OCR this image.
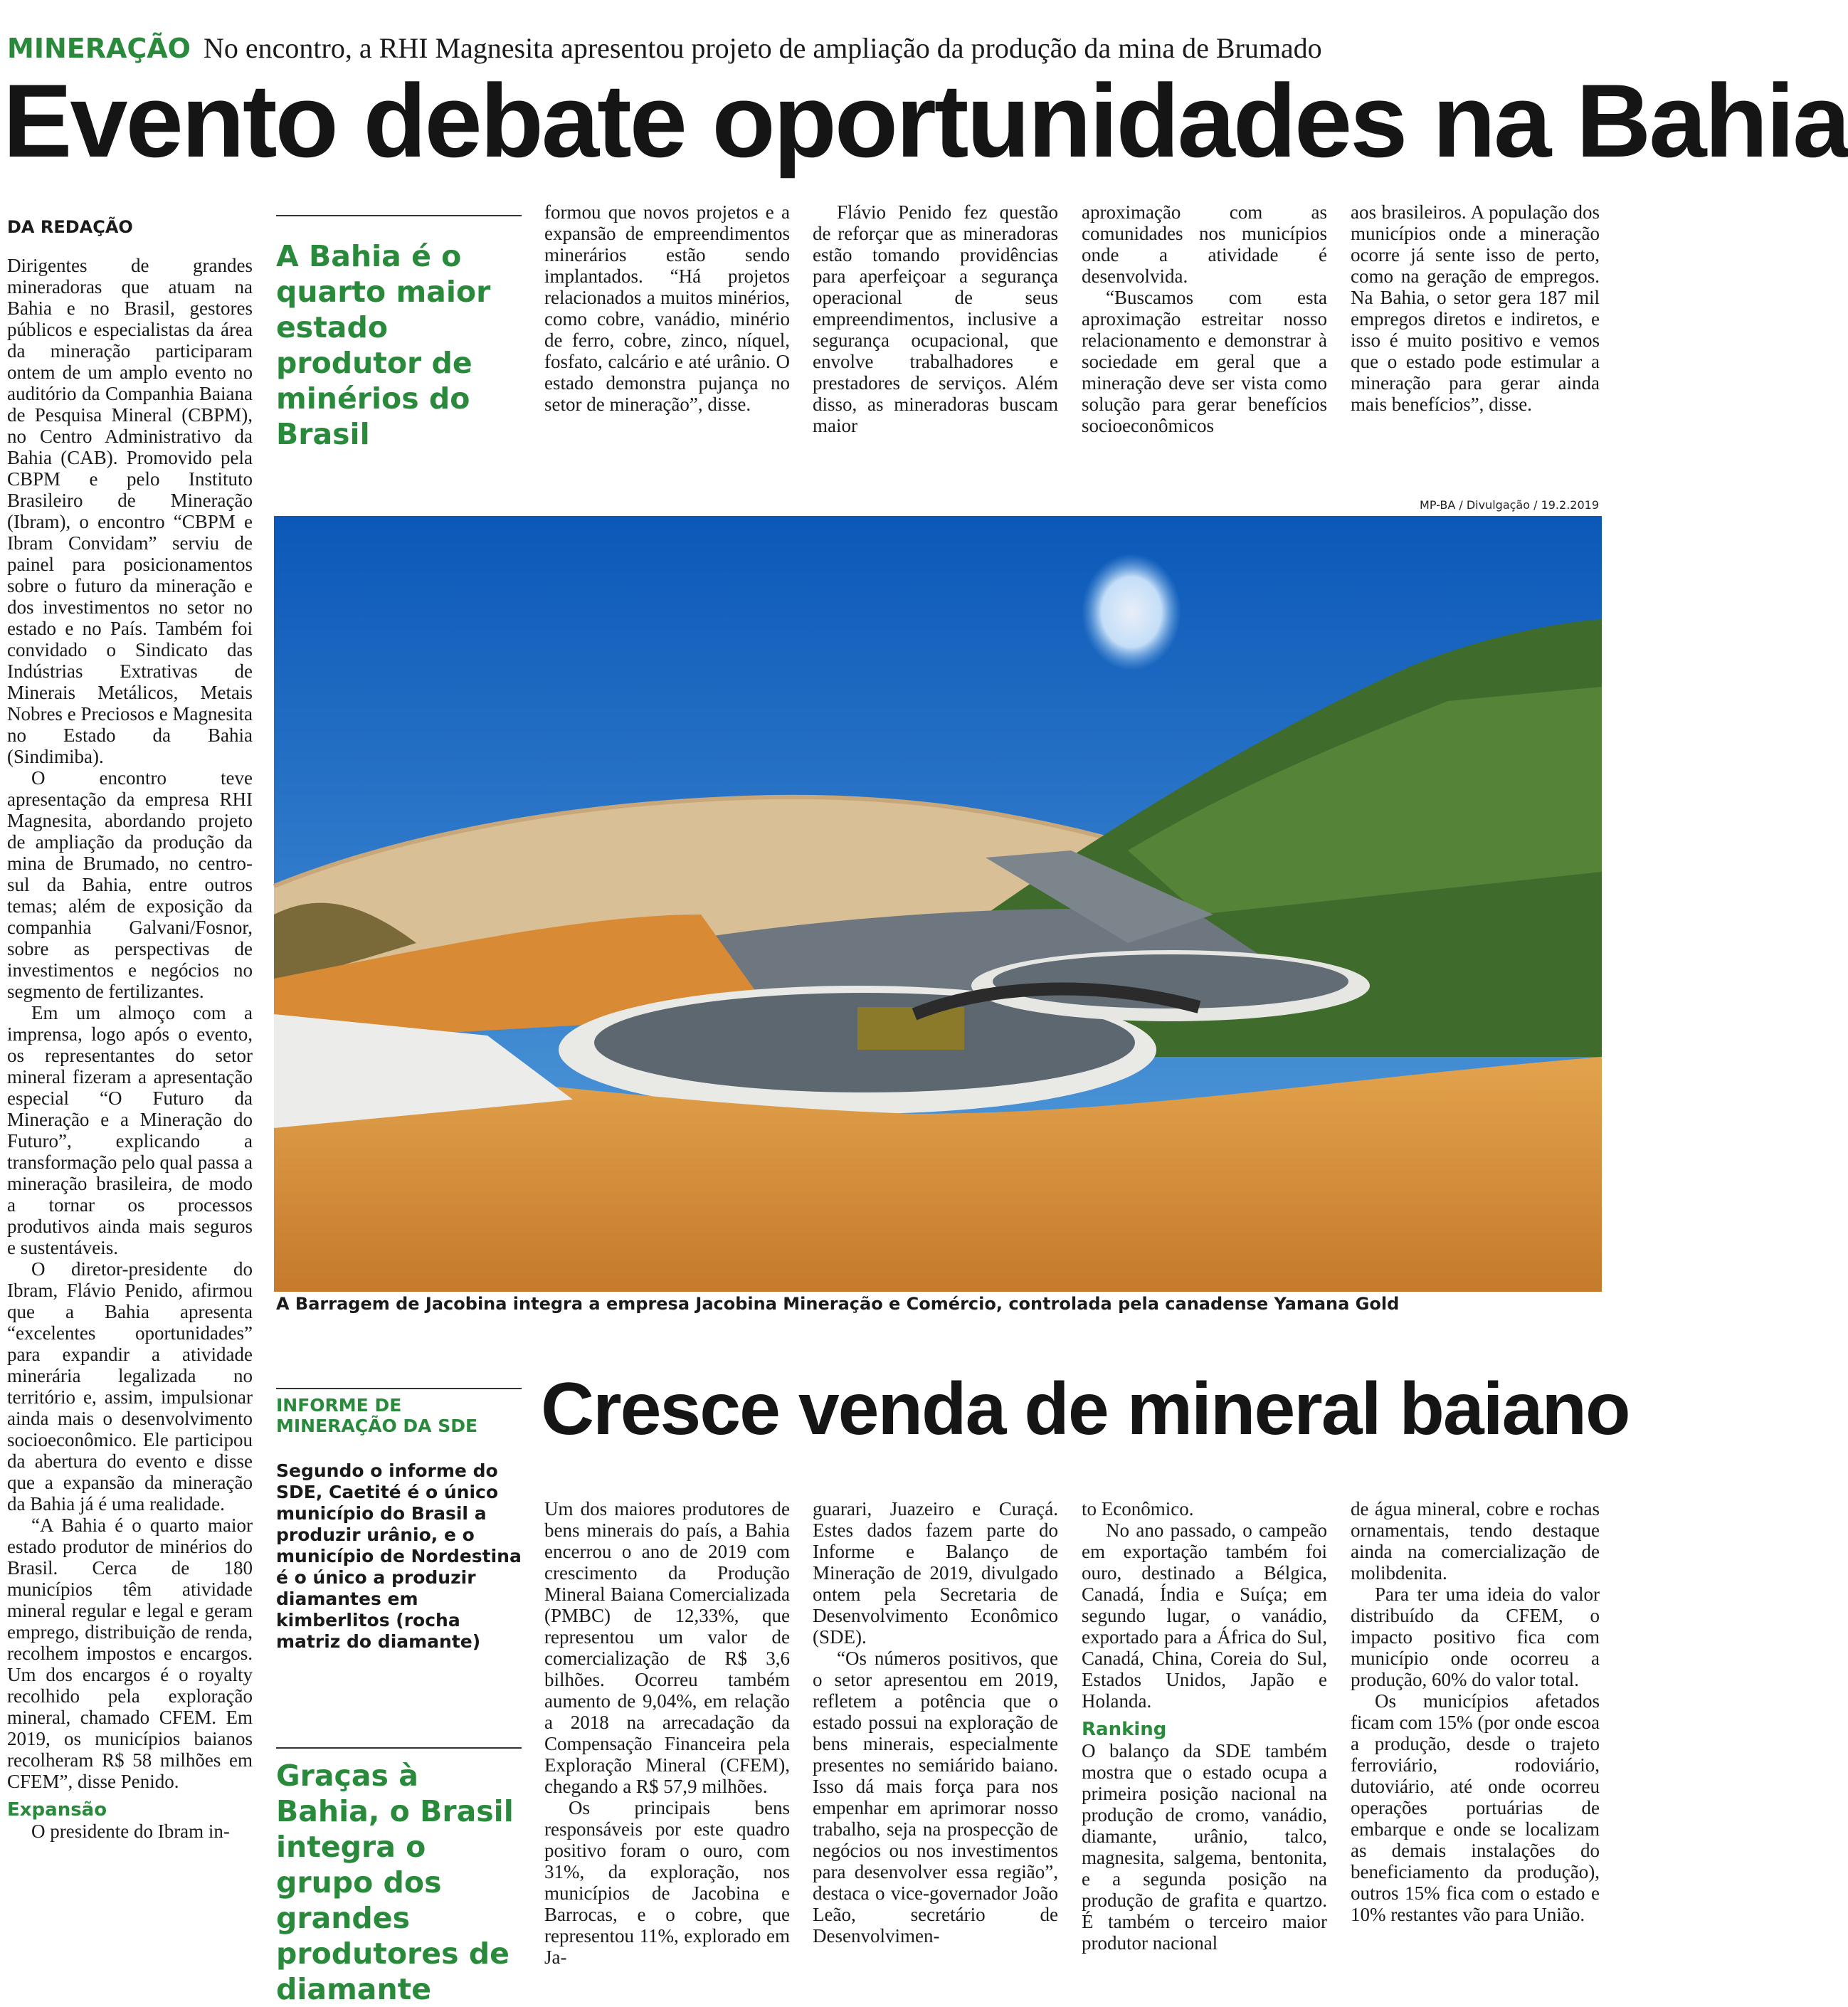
MINERAÇÃO No encontro, a RHI Magnesita apresentou projeto de ampliação da produção da mina de Brumado
Evento debate oportunidades na Bahia
DA REDAÇÃO

Dirigentes de grandes mineradoras que atuam na Bahia e no Brasil, gestores públicos e especialistas da área da mineração participaram ontem de um amplo evento no auditório da Companhia Baiana de Pesquisa Mineral (CBPM), no Centro Administrativo da Bahia (CAB). Promovido pela CBPM e pelo Instituto Brasileiro de Mineração (Ibram), o encontro “CBPM e Ibram Convidam” serviu de painel para posicionamentos sobre o futuro da mineração e dos investimentos no setor no estado e no País. Também foi convidado o Sindicato das Indústrias Extrativas de Minerais Metálicos, Metais Nobres e Preciosos e Magnesita no Estado da Bahia (Sindimiba).

O encontro teve apresentação da empresa RHI Magnesita, abordando projeto de ampliação da produção da mina de Brumado, no centro-sul da Bahia, entre outros temas; além de exposição da companhia Galvani/Fosnor, sobre as perspectivas de investimentos e negócios no segmento de fertilizantes.

Em um almoço com a imprensa, logo após o evento, os representantes do setor mineral fizeram a apresentação especial “O Futuro da Mineração e a Mineração do Futuro”, explicando a transformação pelo qual passa a mineração brasileira, de modo a tornar os processos produtivos ainda mais seguros e sustentáveis.

O diretor-presidente do Ibram, Flávio Penido, afirmou que a Bahia apresenta “excelentes oportunidades” para expandir a atividade minerária legalizada no território e, assim, impulsionar ainda mais o desenvolvimento socioeconômico. Ele participou da abertura do evento e disse que a expansão da mineração da Bahia já é uma realidade.

“A Bahia é o quarto maior estado produtor de minérios do Brasil. Cerca de 180 municípios têm atividade mineral regular e legal e geram emprego, distribuição de renda, recolhem impostos e encargos. Um dos encargos é o royalty recolhido pela exploração mineral, chamado CFEM. Em 2019, os municípios baianos recolheram R$ 58 milhões em CFEM”, disse Penido.

Expansão

O presidente do Ibram in-

A Bahia é o quarto maior estado produtor de minérios do Brasil

formou que novos projetos e a expansão de empreendimentos minerários estão sendo implantados. “Há projetos relacionados a muitos minérios, como cobre, vanádio, minério de ferro, cobre, zinco, níquel, fosfato, calcário e até urânio. O estado demonstra pujança no setor de mineração”, disse.

Flávio Penido fez questão de reforçar que as mineradoras estão tomando providências para aperfeiçoar a segurança operacional de seus empreendimentos, inclusive a segurança ocupacional, que envolve trabalhadores e prestadores de serviços. Além disso, as mineradoras buscam maior

aproximação com as comunidades nos municípios onde a atividade é desenvolvida.

“Buscamos com esta aproximação estreitar nosso relacionamento e demonstrar à sociedade em geral que a mineração deve ser vista como solução para gerar benefícios socioeconômicos

aos brasileiros. A população dos municípios onde a mineração ocorre já sente isso de perto, como na geração de empregos. Na Bahia, o setor gera 187 mil empregos diretos e indiretos, e isso é muito positivo e vemos que o estado pode estimular a mineração para gerar ainda mais benefícios”, disse.

MP-BA / Divulgação / 19.2.2019
A Barragem de Jacobina integra a empresa Jacobina Mineração e Comércio, controlada pela canadense Yamana Gold
INFORME DE MINERAÇÃO DA SDE
Segundo o informe do SDE, Caetité é o único município do Brasil a produzir urânio, e o município de Nordestina é o único a produzir diamantes em kimberlitos (rocha matriz do diamante)
Graças à Bahia, o Brasil integra o grupo dos grandes produtores de diamante
Cresce venda de mineral baiano

Um dos maiores produtores de bens minerais do país, a Bahia encerrou o ano de 2019 com crescimento da Produção Mineral Baiana Comercializada (PMBC) de 12,33%, que representou um valor de comercialização de R$ 3,6 bilhões. Ocorreu também aumento de 9,04%, em relação a 2018 na arrecadação da Compensação Financeira pela Exploração Mineral (CFEM), chegando a R$ 57,9 milhões.

Os principais bens responsáveis por este quadro positivo foram o ouro, com 31%, da exploração, nos municípios de Jacobina e Barrocas, e o cobre, que representou 11%, explorado em Ja-

guarari, Juazeiro e Curaçá. Estes dados fazem parte do Informe e Balanço de Mineração de 2019, divulgado ontem pela Secretaria de Desenvolvimento Econômico (SDE).

“Os números positivos, que o setor apresentou em 2019, refletem a potência que o estado possui na exploração de bens minerais, especialmente presentes no semiárido baiano. Isso dá mais força para nos empenhar em aprimorar nosso trabalho, seja na prospecção de negócios ou nos investimentos para desenvolver essa região”, destaca o vice-governador João Leão, secretário de Desenvolvimen-

to Econômico.

No ano passado, o campeão em exportação também foi ouro, destinado a Bélgica, Canadá, Índia e Suíça; em segundo lugar, o vanádio, exportado para a África do Sul, Canadá, China, Coreia do Sul, Estados Unidos, Japão e Holanda.

Ranking

O balanço da SDE também mostra que o estado ocupa a primeira posição nacional na produção de cromo, vanádio, diamante, urânio, talco, magnesita, salgema, bentonita, e a segunda posição na produção de grafita e quartzo. É também o terceiro maior produtor nacional

de água mineral, cobre e rochas ornamentais, tendo destaque ainda na comercialização de molibdenita.

Para ter uma ideia do valor distribuído da CFEM, o impacto positivo fica com município onde ocorreu a produção, 60% do valor total.

Os municípios afetados ficam com 15% (por onde escoa a produção, desde o trajeto ferroviário, rodoviário, dutoviário, até onde ocorreu operações portuárias de embarque e onde se localizam as demais instalações do beneficiamento da produção), outros 15% fica com o estado e 10% restantes vão para União.
